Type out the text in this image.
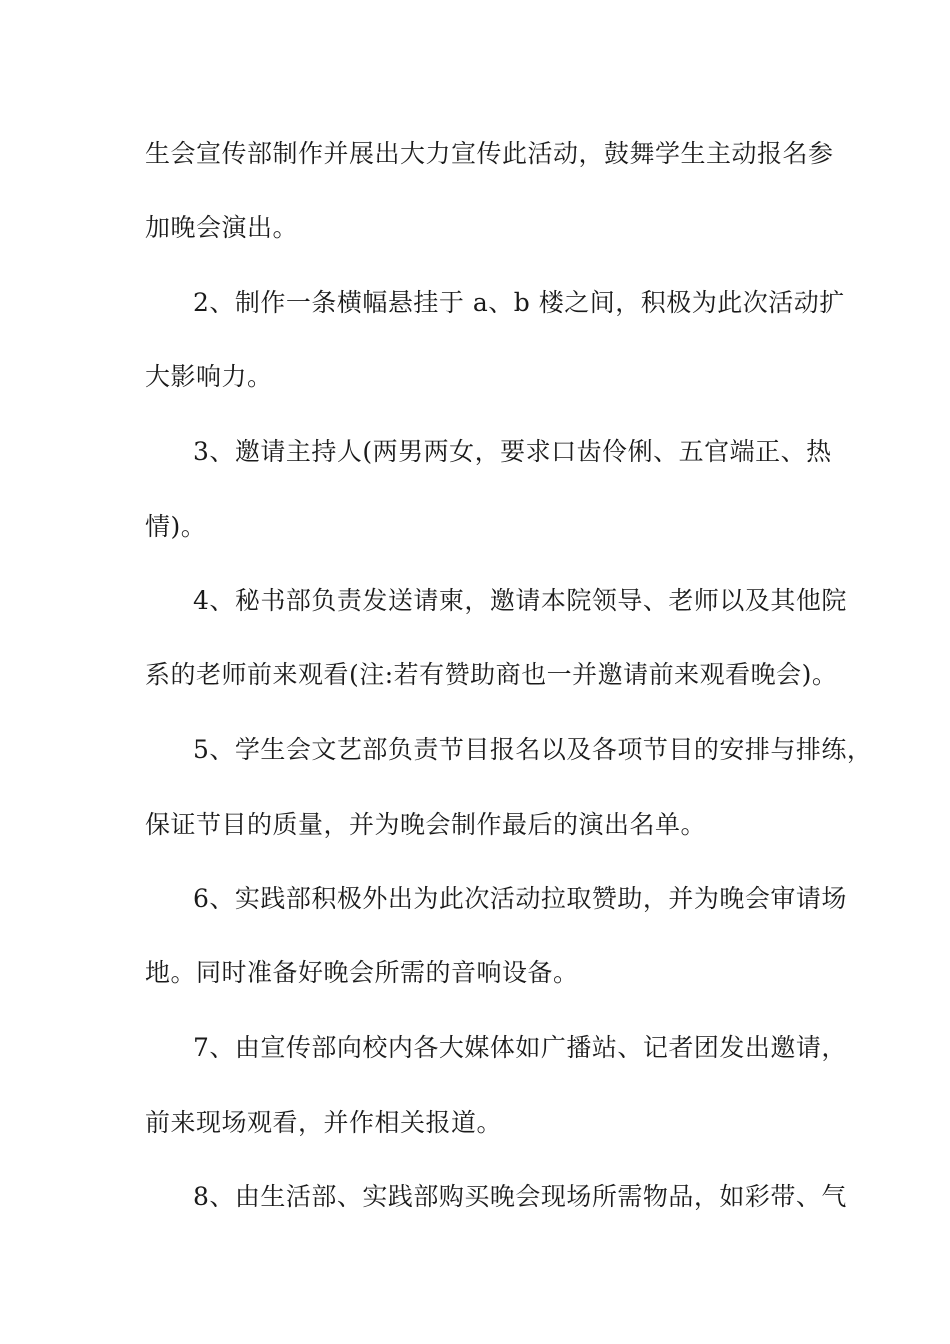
生会宣传部制作并展出大力宣传此活动，鼓舞学生主动报名参
加晚会演出。
2、制作一条横幅悬挂于 a、b 楼之间，积极为此次活动扩
大影响力。
3、邀请主持人(两男两女，要求口齿伶俐、五官端正、热
情)。
4、秘书部负责发送请柬，邀请本院领导、老师以及其他院
系的老师前来观看(注:若有赞助商也一并邀请前来观看晚会)。
5、学生会文艺部负责节目报名以及各项节目的安排与排练，
保证节目的质量，并为晚会制作最后的演出名单。
6、实践部积极外出为此次活动拉取赞助，并为晚会审请场
地。同时准备好晚会所需的音响设备。
7、由宣传部向校内各大媒体如广播站、记者团发出邀请，
前来现场观看，并作相关报道。
8、由生活部、实践部购买晚会现场所需物品，如彩带、气
